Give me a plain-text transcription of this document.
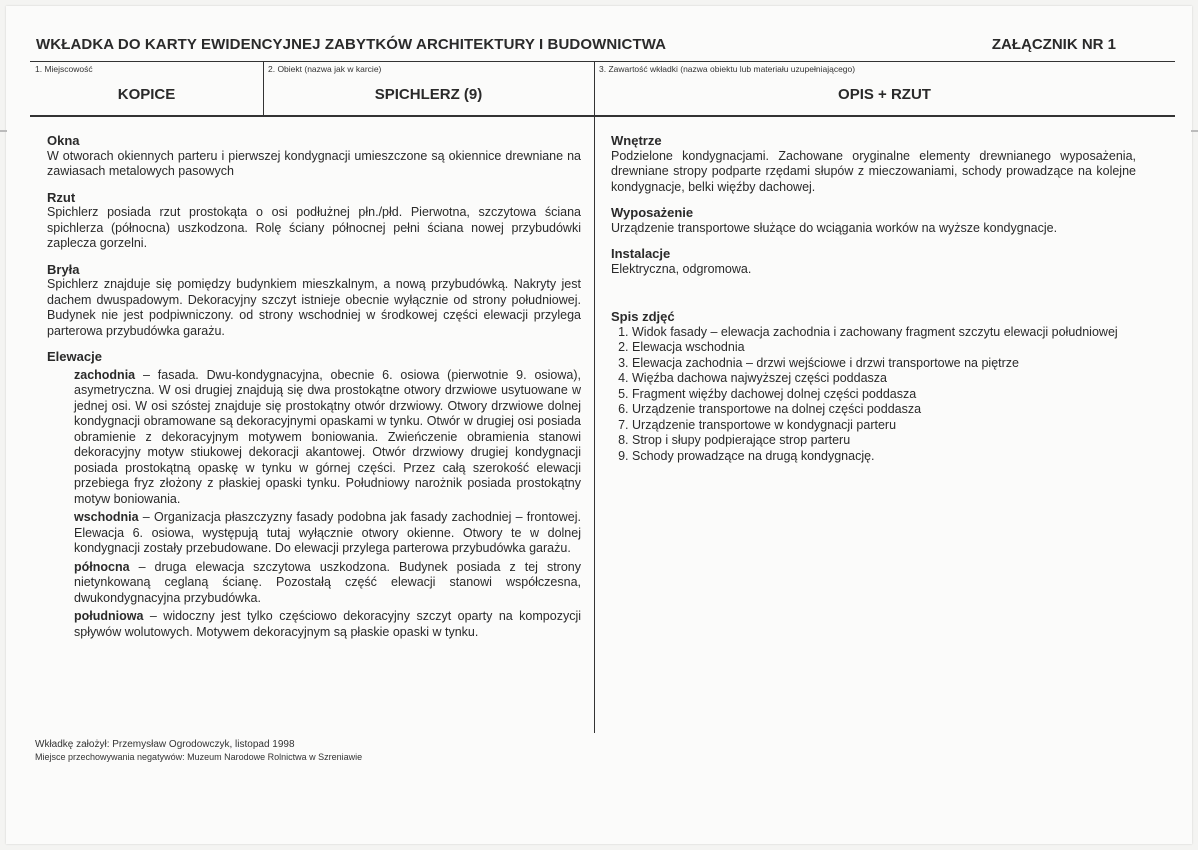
WKŁADKA DO KARTY EWIDENCYJNEJ ZABYTKÓW ARCHITEKTURY I BUDOWNICTWA	ZAŁĄCZNIK NR 1
1. Miejscowość
KOPICE
2. Obiekt (nazwa jak w karcie)
SPICHLERZ (9)
3. Zawartość wkładki (nazwa obiektu lub materiału uzupełniającego)
OPIS + RZUT
Okna
W otworach okiennych parteru i pierwszej kondygnacji umieszczone są okiennice drewniane na zawiasach metalowych pasowych
Rzut
Spichlerz posiada rzut prostokąta o osi podłużnej płn./płd. Pierwotna, szczytowa ściana spichlerza (północna) uszkodzona. Rolę ściany północnej pełni ściana nowej przybudówki zaplecza gorzelni.
Bryła
Spichlerz znajduje się pomiędzy budynkiem mieszkalnym, a nową przybudówką. Nakryty jest dachem dwuspadowym. Dekoracyjny szczyt istnieje obecnie wyłącznie od strony południowej. Budynek nie jest podpiwniczony. od strony wschodniej w środkowej części elewacji przylega parterowa przybudówka garażu.
Elewacje
zachodnia – fasada. Dwu-kondygnacyjna, obecnie 6. osiowa (pierwotnie 9. osiowa), asymetryczna. W osi drugiej znajdują się dwa prostokątne otwory drzwiowe usytuowane w jednej osi. W osi szóstej znajduje się prostokątny otwór drzwiowy. Otwory drzwiowe dolnej kondygnacji obramowane są dekoracyjnymi opaskami w tynku. Otwór w drugiej osi posiada obramienie z dekoracyjnym motywem boniowania. Zwieńczenie obramienia stanowi dekoracyjny motyw stiukowej dekoracji akantowej. Otwór drzwiowy drugiej kondygnacji posiada prostokątną opaskę w tynku w górnej części. Przez całą szerokość elewacji przebiega fryz złożony z płaskiej opaski tynku. Południowy narożnik posiada prostokątny motyw boniowania.
wschodnia – Organizacja płaszczyzny fasady podobna jak fasady zachodniej – frontowej. Elewacja 6. osiowa, występują tutaj wyłącznie otwory okienne. Otwory te w dolnej kondygnacji zostały przebudowane. Do elewacji przylega parterowa przybudówka garażu.
północna – druga elewacja szczytowa uszkodzona. Budynek posiada z tej strony nietynkowaną ceglaną ścianę. Pozostałą część elewacji stanowi współczesna, dwukondygnacyjna przybudówka.
południowa – widoczny jest tylko częściowo dekoracyjny szczyt oparty na kompozycji spływów wolutowych. Motywem dekoracyjnym są płaskie opaski w tynku.
Wnętrze
Podzielone kondygnacjami. Zachowane oryginalne elementy drewnianego wyposażenia, drewniane stropy podparte rzędami słupów z mieczowaniami, schody prowadzące na kolejne kondygnacje, belki więźby dachowej.
Wyposażenie
Urządzenie transportowe służące do wciągania worków na wyższe kondygnacje.
Instalacje
Elektryczna, odgromowa.
Spis zdjęć
1. Widok fasady – elewacja zachodnia i zachowany fragment szczytu elewacji południowej
2. Elewacja wschodnia
3. Elewacja zachodnia – drzwi wejściowe i drzwi transportowe na piętrze
4. Więźba dachowa najwyższej części poddasza
5. Fragment więźby dachowej dolnej części poddasza
6. Urządzenie transportowe na dolnej części poddasza
7. Urządzenie transportowe w kondygnacji parteru
8. Strop i słupy podpierające strop parteru
9. Schody prowadzące na drugą kondygnację.
Wkładkę założył: Przemysław Ogrodowczyk, listopad 1998
Miejsce przechowywania negatywów: Muzeum Narodowe Rolnictwa w Szreniawie
